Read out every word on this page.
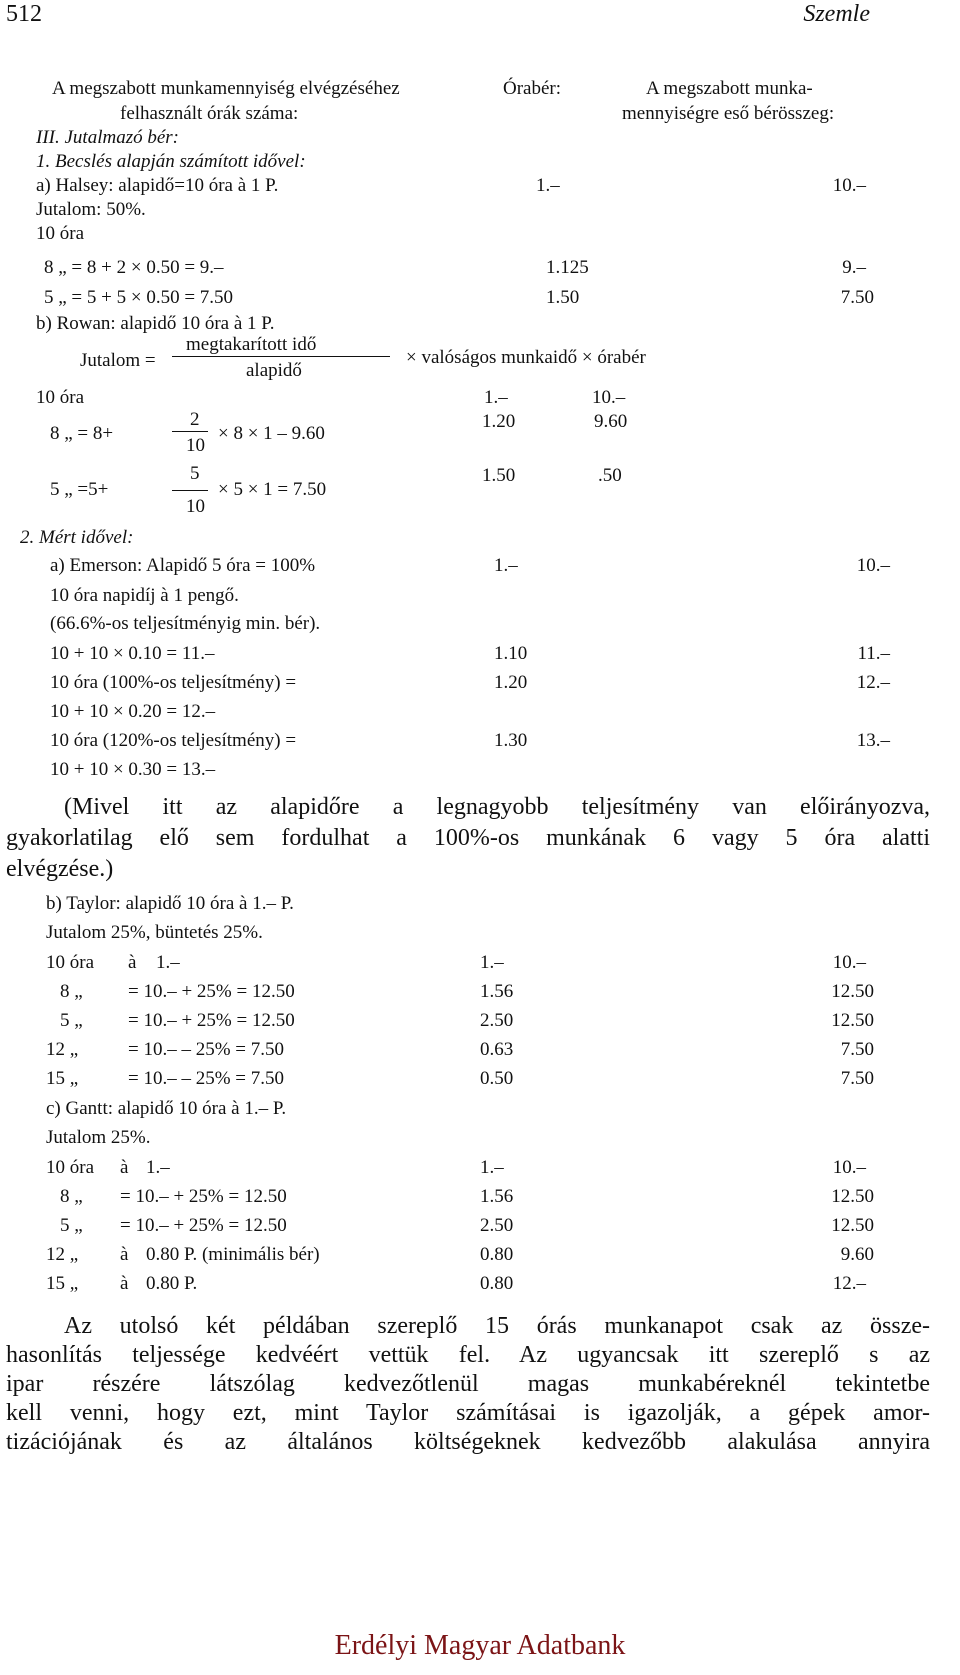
512	Szemle
A megszabott munkamennyiség elvégzéséhez
felhasznált órák száma:
Órabér:	A megszabott munka-
mennyiségre eső bérösszeg:
III. Jutalmazó bér:
1. Becslés alapján számított idővel:
a) Halsey: alapidő=10 óra à 1 P.	1.–	10.–
Jutalom: 50%.
10 óra
8 „ = 8 + 2 × 0.50 = 9.–	1.125	9.–
5 „ = 5 + 5 × 0.50 = 7.50	1.50	7.50
b) Rowan: alapidő 10 óra à 1 P.
Jutalom =
megtakarított idő
alapidő
× valóságos munkaidő × órabér
10 óra	1.–	10.–
8 „ = 8+
2
10
× 8 × 1 – 9.60
1.20	9.60
5 „ =5+
5
10
× 5 × 1 = 7.50
1.50	.50
2. Mért idővel:
a) Emerson: Alapidő 5 óra = 100%	1.–	10.–
10 óra napidíj à 1 pengő.
(66.6%-os teljesítményig min. bér).
10 + 10 × 0.10 = 11.–	1.10	11.–
10 óra (100%-os teljesítmény) =	1.20	12.–
10 + 10 × 0.20 = 12.–
10 óra (120%-os teljesítmény) =	1.30	13.–
10 + 10 × 0.30 = 13.–
(Mivel itt az alapidőre a legnagyobb teljesítmény van előirányozva,
gyakorlatilag elő sem fordulhat a 100%-os munkának 6 vagy 5 óra alatti
elvégzése.)
b) Taylor: alapidő 10 óra à 1.– P.
Jutalom 25%, büntetés 25%.
10 óra à 1.–	1.–	10.–
8 „ = 10.– + 25% = 12.50	1.56	12.50
5 „ = 10.– + 25% = 12.50	2.50	12.50
12 „	= 10.– – 25% = 7.50	0.63	7.50
15 „	= 10.– – 25% = 7.50	0.50	7.50
c) Gantt: alapidő 10 óra à 1.– P.
Jutalom 25%.
10 óra à 1.–	1.–	10.–
8 „ = 10.– + 25% = 12.50	1.56	12.50
5 „ = 10.– + 25% = 12.50	2.50	12.50
12 „ à 0.80 P. (minimális bér)	0.80	9.60
15 „ à 0.80 P.	0.80	12.–
Az utolsó két példában szereplő 15 órás munkanapot csak az össze-
hasonlítás teljessége kedvéért vettük fel. Az ugyancsak itt szereplő s az
ipar részére látszólag kedvezőtlenül magas munkabéreknél tekintetbe
kell venni, hogy ezt, mint Taylor számításai is igazolják, a gépek amor-
tizációjának és az általános költségeknek kedvezőbb alakulása annyira
Erdélyi Magyar Adatbank
